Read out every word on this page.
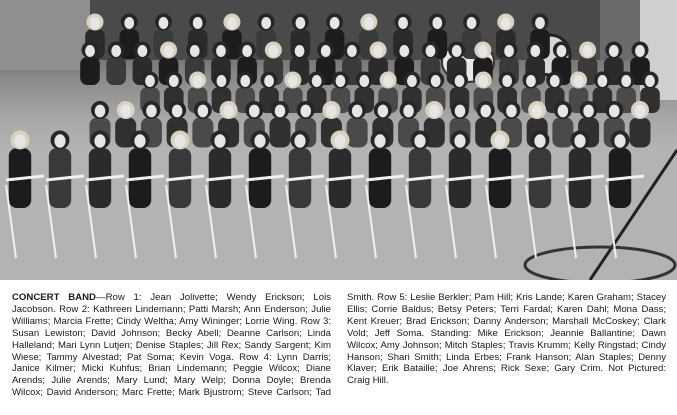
CONCERT BAND—Row 1: Jean Jolivette; Wendy Erickson; Lois Jacobson. Row 2: Kathreen Lindemann; Patti Marsh; Ann Enderson; Julie Williams; Marcia Frette; Cindy Weltha; Amy Wininger; Lorrie Wing. Row 3: Susan Lewiston; David Johnson; Becky Abell; Deanne Carlson; Linda Halleland; Mari Lynn Lutjen; Denise Staples; Jill Rex; Sandy Sargent; Kim Wiese; Tammy Alvestad; Pat Soma; Kevin Voga. Row 4: Lynn Darris; Janice Kilmer; Micki Kuhfus; Brian Lindemann; Peggie Wilcox; Diane Arends; Julie Arends; Mary Lund; Mary Welp; Donna Doyle; Brenda Wilcox; David Anderson; Marc Frette; Mark Bjustrom; Steve Carlson; Tad Smith. Row 5: Leslie Berkler; Pam Hill; Kris Lande; Karen Graham; Stacey Ellis; Corrie Baldus; Betsy Peters; Terri Fardal; Karen Dahl; Mona Dass; Kent Kreuer; Brad Erickson; Danny Anderson; Marshall McCoskey; Clark Vold; Jeff Soma. Standing: Mike Erickson; Jeannie Ballantine; Dawn Wilcox; Amy Johnson; Mitch Staples; Travis Krumm; Kelly Ringstad; Cindy Hanson; Shari Smith; Linda Erbes; Frank Hanson; Alan Staples; Denny Klaver; Erik Bataille; Joe Ahrens; Rick Sexe; Gary Crim. Not Pictured: Craig Hill.
